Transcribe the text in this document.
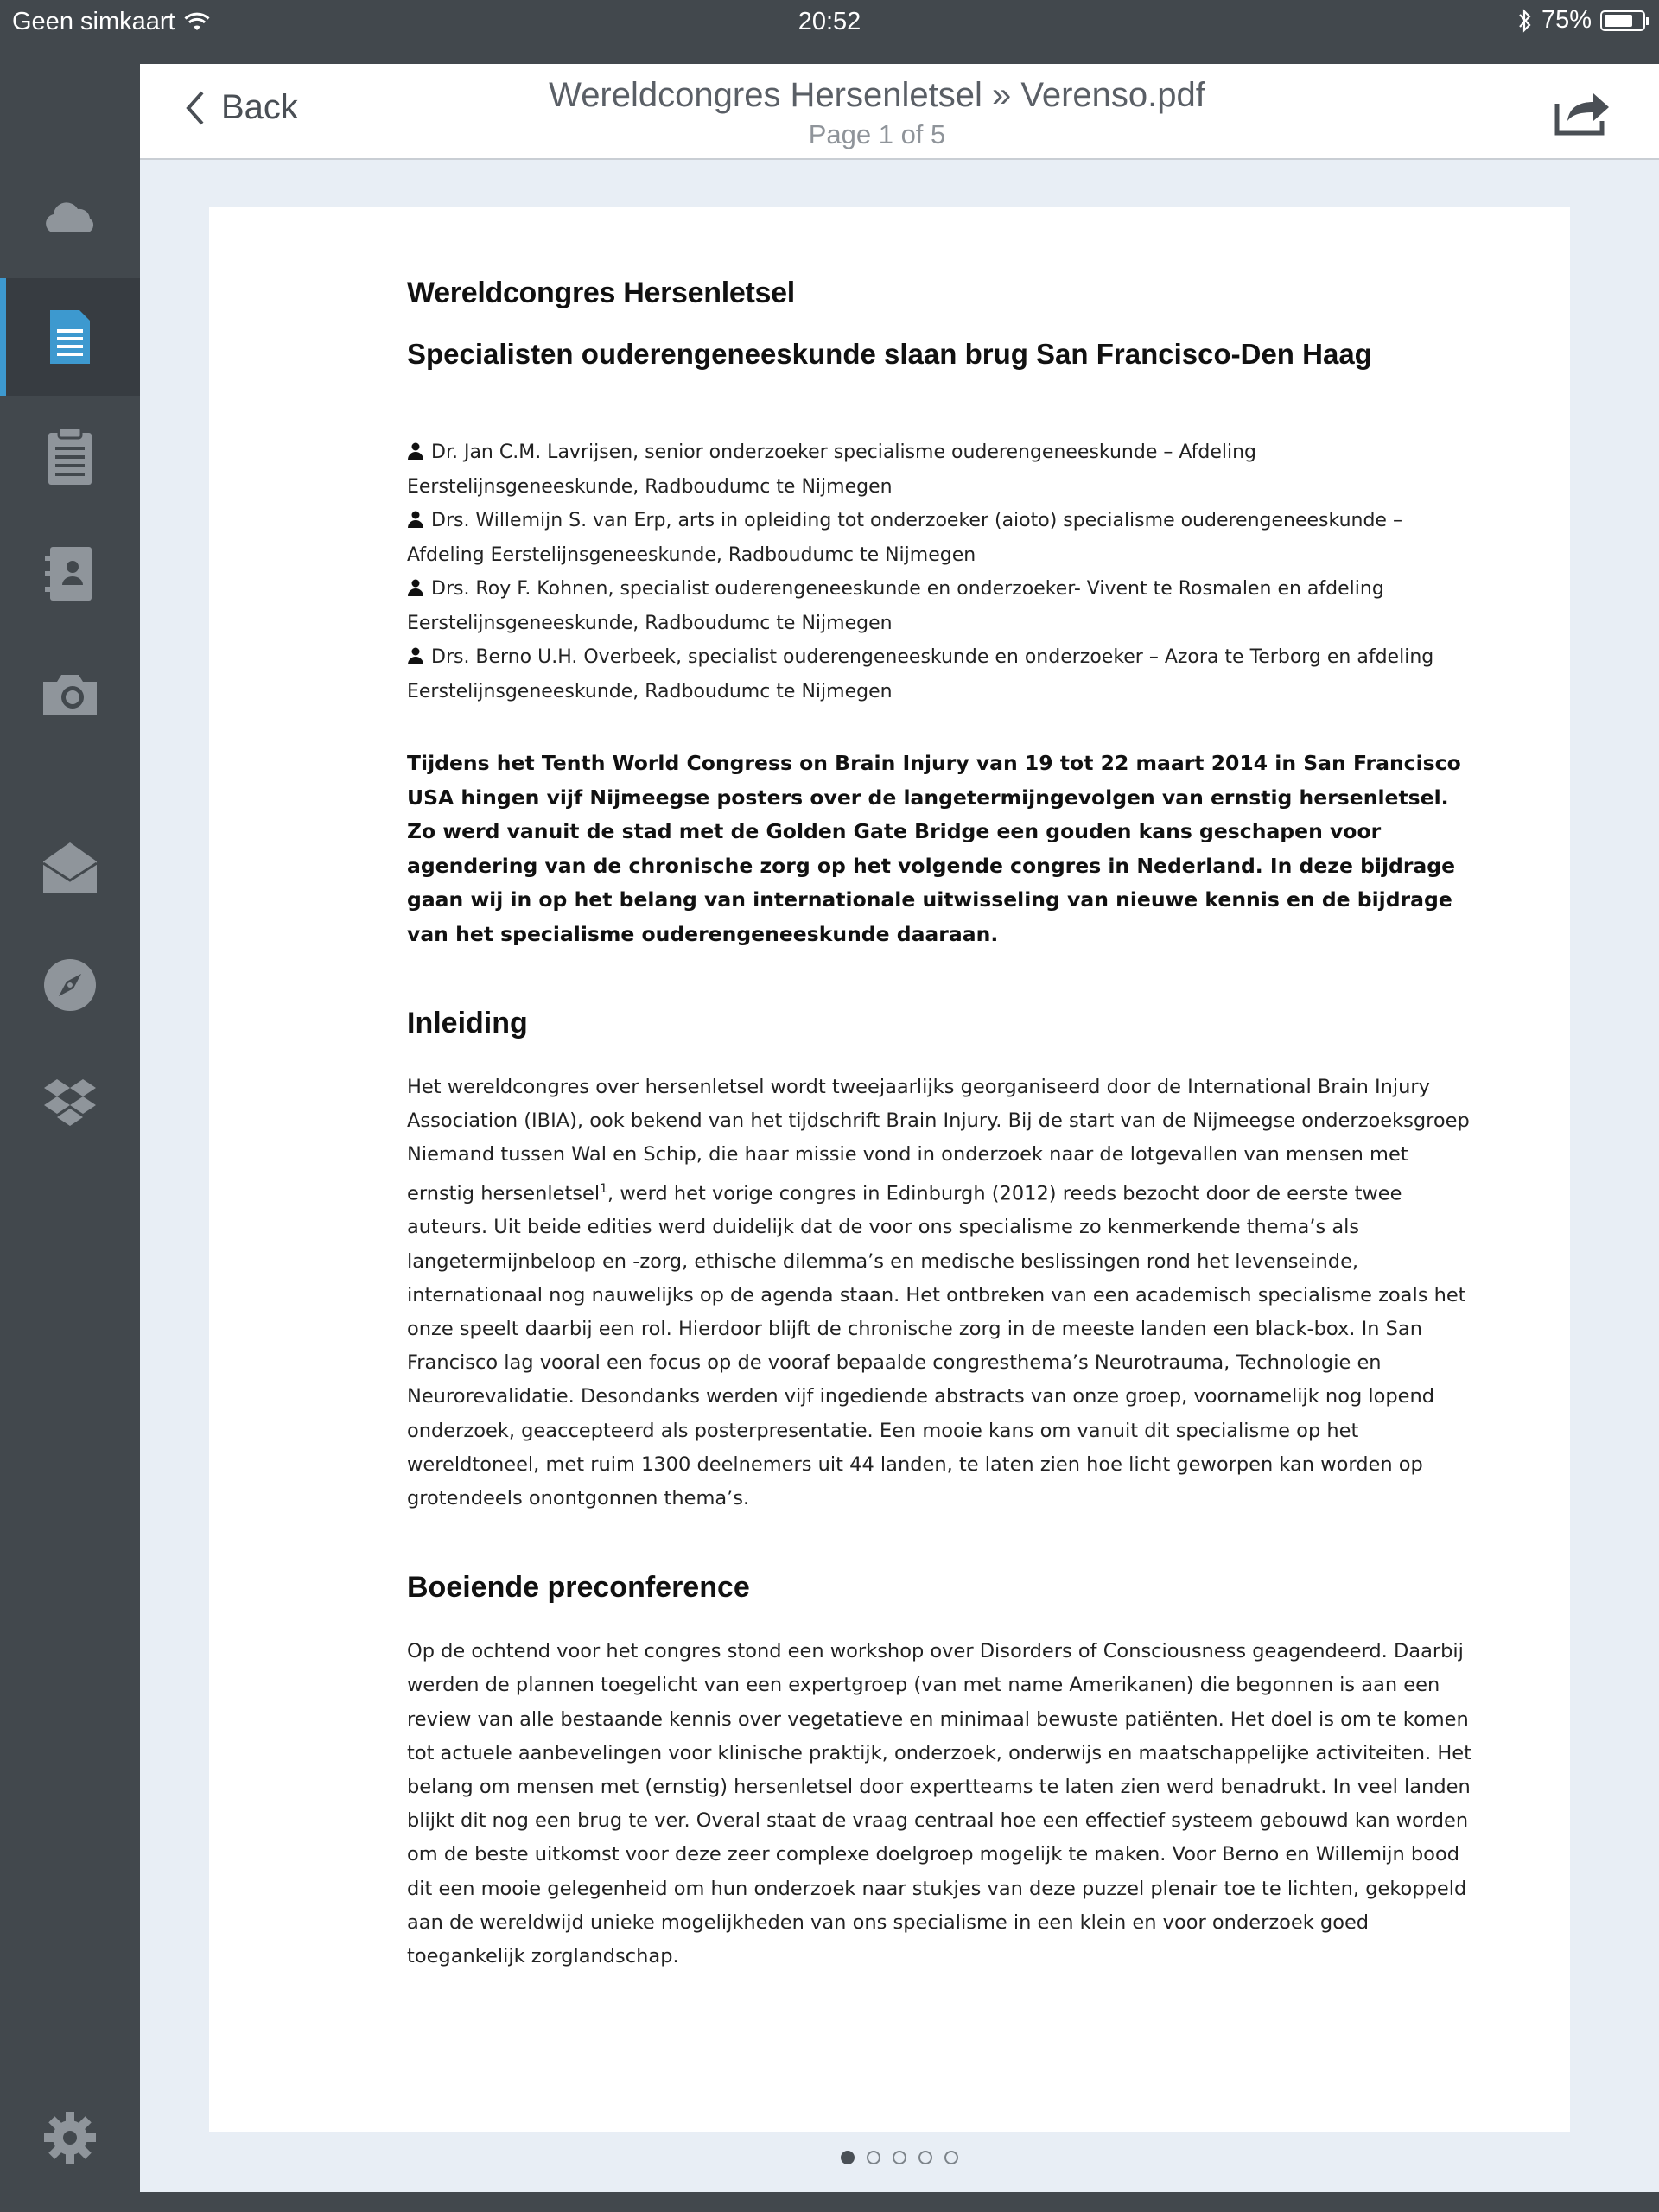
Geen simkaart	20:52	75%
Back	Wereldcongres Hersenletsel » Verenso.pdf
Page 1 of 5
Wereldcongres Hersenletsel
Specialisten ouderengeneeskunde slaan brug San Francisco-Den Haag

Dr. Jan C.M. Lavrijsen, senior onderzoeker specialisme ouderengeneeskunde – Afdeling Eerstelijnsgeneeskunde, Radboudumc te Nijmegen

Drs. Willemijn S. van Erp, arts in opleiding tot onderzoeker (aioto) specialisme ouderengeneeskunde – Afdeling Eerstelijnsgeneeskunde, Radboudumc te Nijmegen

Drs. Roy F. Kohnen, specialist ouderengeneeskunde en onderzoeker- Vivent te Rosmalen en afdeling Eerstelijnsgeneeskunde, Radboudumc te Nijmegen

Drs. Berno U.H. Overbeek, specialist ouderengeneeskunde en onderzoeker – Azora te Terborg en afdeling Eerstelijnsgeneeskunde, Radboudumc te Nijmegen

Tijdens het Tenth World Congress on Brain Injury van 19 tot 22 maart 2014 in San Francisco USA hingen vijf Nijmeegse posters over de langetermijngevolgen van ernstig hersenletsel. Zo werd vanuit de stad met de Golden Gate Bridge een gouden kans geschapen voor agendering van de chronische zorg op het volgende congres in Nederland. In deze bijdrage gaan wij in op het belang van internationale uitwisseling van nieuwe kennis en de bijdrage van het specialisme ouderengeneeskunde daaraan.
Inleiding
Het wereldcongres over hersenletsel wordt tweejaarlijks georganiseerd door de International Brain Injury Association (IBIA), ook bekend van het tijdschrift Brain Injury. Bij de start van de Nijmeegse onderzoeksgroep Niemand tussen Wal en Schip, die haar missie vond in onderzoek naar de lotgevallen van mensen met ernstig hersenletsel$^1$, werd het vorige congres in Edinburgh (2012) reeds bezocht door de eerste twee auteurs. Uit beide edities werd duidelijk dat de voor ons specialisme zo kenmerkende thema’s als langetermijnbeloop en -zorg, ethische dilemma’s en medische beslissingen rond het levenseinde, internationaal nog nauwelijks op de agenda staan. Het ontbreken van een academisch specialisme zoals het onze speelt daarbij een rol. Hierdoor blijft de chronische zorg in de meeste landen een black-box. In San Francisco lag vooral een focus op de vooraf bepaalde congresthema’s Neurotrauma, Technologie en Neurorevalidatie. Desondanks werden vijf ingediende abstracts van onze groep, voornamelijk nog lopend onderzoek, geaccepteerd als posterpresentatie. Een mooie kans om vanuit dit specialisme op het wereldtoneel, met ruim 1300 deelnemers uit 44 landen, te laten zien hoe licht geworpen kan worden op grotendeels onontgonnen thema’s.
Boeiende preconference
Op de ochtend voor het congres stond een workshop over Disorders of Consciousness geagendeerd. Daarbij werden de plannen toegelicht van een expertgroep (van met name Amerikanen) die begonnen is aan een review van alle bestaande kennis over vegetatieve en minimaal bewuste patiënten. Het doel is om te komen tot actuele aanbevelingen voor klinische praktijk, onderzoek, onderwijs en maatschappelijke activiteiten. Het belang om mensen met (ernstig) hersenletsel door expertteams te laten zien werd benadrukt. In veel landen blijkt dit nog een brug te ver. Overal staat de vraag centraal hoe een effectief systeem gebouwd kan worden om de beste uitkomst voor deze zeer complexe doelgroep mogelijk te maken. Voor Berno en Willemijn bood dit een mooie gelegenheid om hun onderzoek naar stukjes van deze puzzel plenair toe te lichten, gekoppeld aan de wereldwijd unieke mogelijkheden van ons specialisme in een klein en voor onderzoek goed toegankelijk zorglandschap.
